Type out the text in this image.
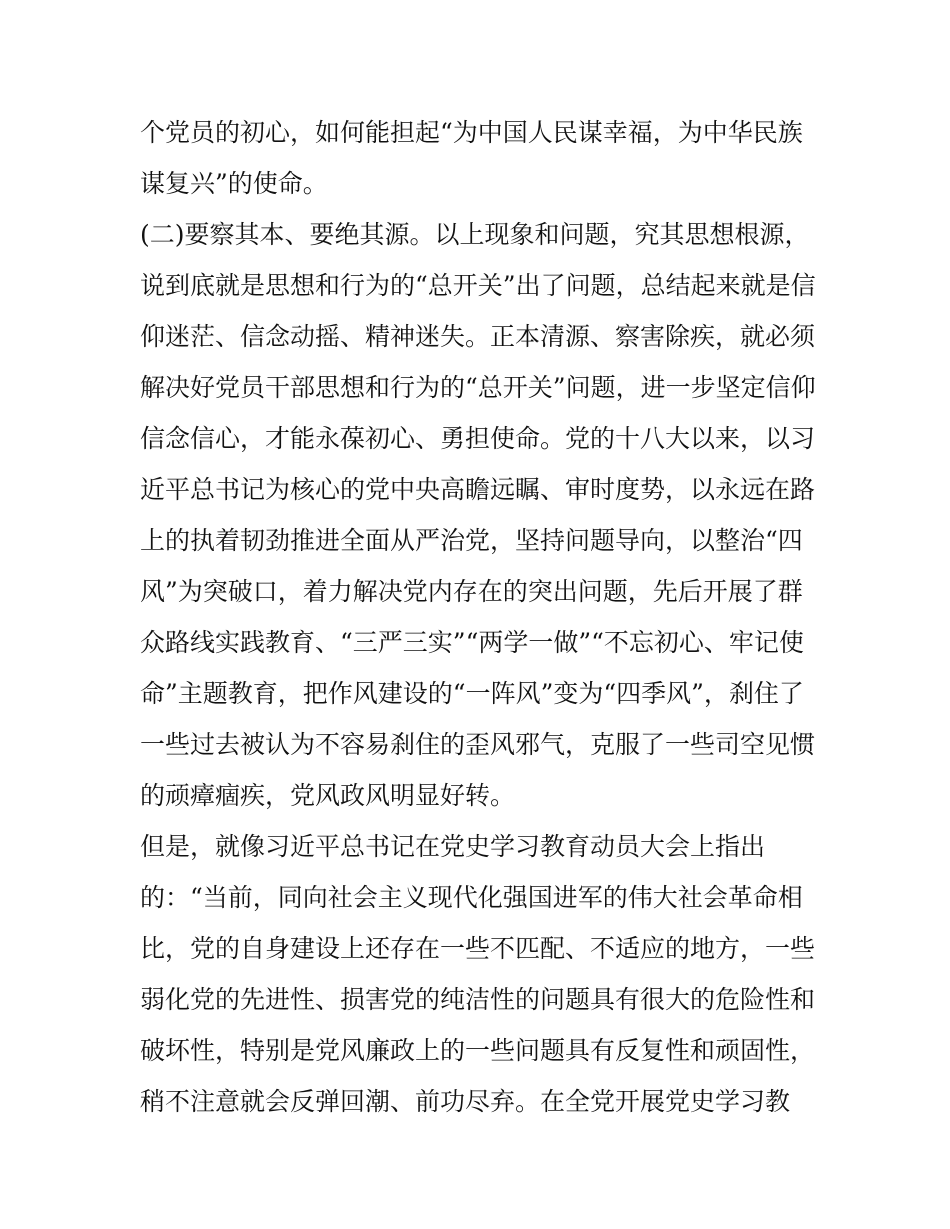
个党员的初心，如何能担起“为中国人民谋幸福，为中华民族
谋复兴”的使命。
(二)要察其本、要绝其源。以上现象和问题，究其思想根源，
说到底就是思想和行为的“总开关”出了问题，总结起来就是信
仰迷茫、信念动摇、精神迷失。正本清源、察害除疾，就必须
解决好党员干部思想和行为的“总开关”问题，进一步坚定信仰
信念信心，才能永葆初心、勇担使命。党的十八大以来，以习
近平总书记为核心的党中央高瞻远瞩、审时度势，以永远在路
上的执着韧劲推进全面从严治党，坚持问题导向，以整治“四
风”为突破口，着力解决党内存在的突出问题，先后开展了群
众路线实践教育、“三严三实”“两学一做”“不忘初心、牢记使
命”主题教育，把作风建设的“一阵风”变为“四季风”，刹住了
一些过去被认为不容易刹住的歪风邪气，克服了一些司空见惯
的顽瘴痼疾，党风政风明显好转。
但是，就像习近平总书记在党史学习教育动员大会上指出
的：“当前，同向社会主义现代化强国进军的伟大社会革命相
比，党的自身建设上还存在一些不匹配、不适应的地方，一些
弱化党的先进性、损害党的纯洁性的问题具有很大的危险性和
破坏性，特别是党风廉政上的一些问题具有反复性和顽固性，
稍不注意就会反弹回潮、前功尽弃。在全党开展党史学习教
